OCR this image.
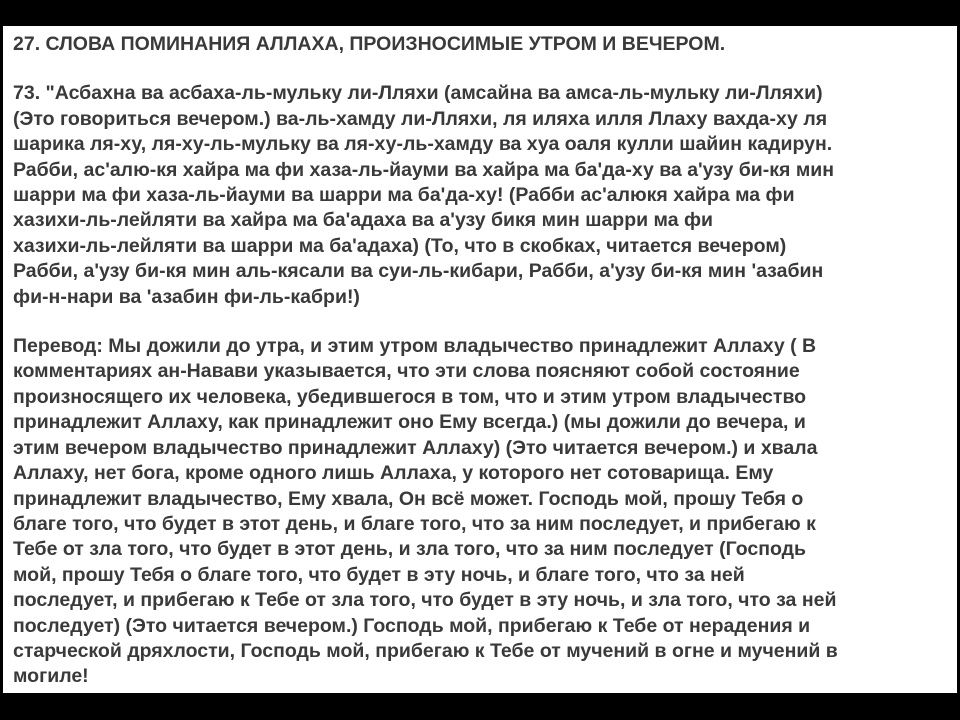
27. СЛОВА ПОМИНАНИЯ АЛЛАХА, ПРОИЗНОСИМЫЕ УТРОМ И ВЕЧЕРОМ.
73. "Асбахна ва асбаха-ль-мульку ли-Лляхи (амсайна ва амса-ль-мульку ли-Лляхи)
(Это говориться вечером.) ва-ль-хамду ли-Лляхи, ля иляха илля Ллаху вахда-ху ля
шарика ля-ху, ля-ху-ль-мульку ва ля-ху-ль-хамду ва хуа оаля кулли шайин кадирун.
Рабби, ас'алю-кя хайра ма фи хаза-ль-йауми ва хайра ма ба'да-ху ва а'узу би-кя мин
шарри ма фи хаза-ль-йауми ва шарри ма ба'да-ху! (Рабби ас'алюкя хайра ма фи
хазихи-ль-лейляти ва хайра ма ба'адаха ва а'узу бикя мин шарри ма фи
хазихи-ль-лейляти ва шарри ма ба'адаха) (То, что в скобках, читается вечером)
Рабби, а'узу би-кя мин аль-кясали ва суи-ль-кибари, Рабби, а'узу би-кя мин 'азабин
фи-н-нари ва 'азабин фи-ль-кабри!)
Перевод: Мы дожили до утра, и этим утром владычество принадлежит Аллаху ( В
комментариях ан-Навави указывается, что эти слова поясняют собой состояние
произносящего их человека, убедившегося в том, что и этим утром владычество
принадлежит Аллаху, как принадлежит оно Ему всегда.) (мы дожили до вечера, и
этим вечером владычество принадлежит Аллаху) (Это читается вечером.) и хвала
Аллаху, нет бога, кроме одного лишь Аллаха, у которого нет сотоварища. Ему
принадлежит владычество, Ему хвала, Он всё может. Господь мой, прошу Тебя о
благе того, что будет в этот день, и благе того, что за ним последует, и прибегаю к
Тебе от зла того, что будет в этот день, и зла того, что за ним последует (Господь
мой, прошу Тебя о благе того, что будет в эту ночь, и благе того, что за ней
последует, и прибегаю к Тебе от зла того, что будет в эту ночь, и зла того, что за ней
последует) (Это читается вечером.) Господь мой, прибегаю к Тебе от нерадения и
старческой дряхлости, Господь мой, прибегаю к Тебе от мучений в огне и мучений в
могиле!
